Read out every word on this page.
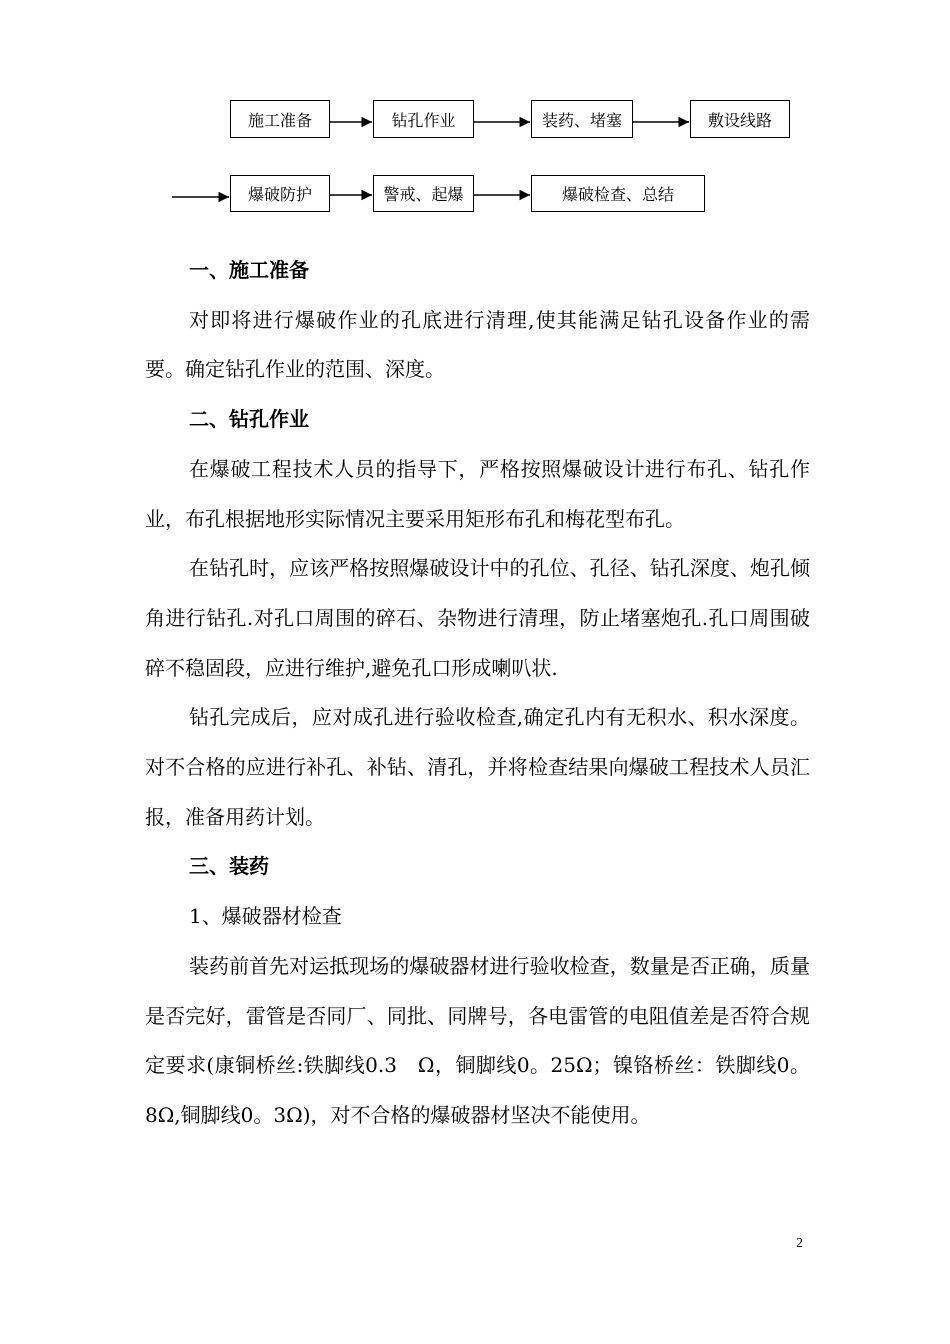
施工准备	钻孔作业	装药、堵塞	敷设线路
爆破防护	警戒、起爆	爆破检查、总结

一、施工准备

对即将进行爆破作业的孔底进行清理,使其能满足钻孔设备作业的需要。确定钻孔作业的范围、深度。

二、钻孔作业

在爆破工程技术人员的指导下，严格按照爆破设计进行布孔、钻孔作业，布孔根据地形实际情况主要采用矩形布孔和梅花型布孔。

在钻孔时，应该严格按照爆破设计中的孔位、孔径、钻孔深度、炮孔倾角进行钻孔.对孔口周围的碎石、杂物进行清理，防止堵塞炮孔.孔口周围破碎不稳固段，应进行维护,避免孔口形成喇叭状.

钻孔完成后，应对成孔进行验收检查,确定孔内有无积水、积水深度。对不合格的应进行补孔、补钻、清孔，并将检查结果向爆破工程技术人员汇报，准备用药计划。

三、装药

1、爆破器材检查

装药前首先对运抵现场的爆破器材进行验收检查，数量是否正确，质量是否完好，雷管是否同厂、同批、同牌号，各电雷管的电阻值差是否符合规定要求(康铜桥丝:铁脚线0.3　Ω，铜脚线0。25Ω；镍铬桥丝：铁脚线0。8Ω,铜脚线0。3Ω)，对不合格的爆破器材坚决不能使用。

2
